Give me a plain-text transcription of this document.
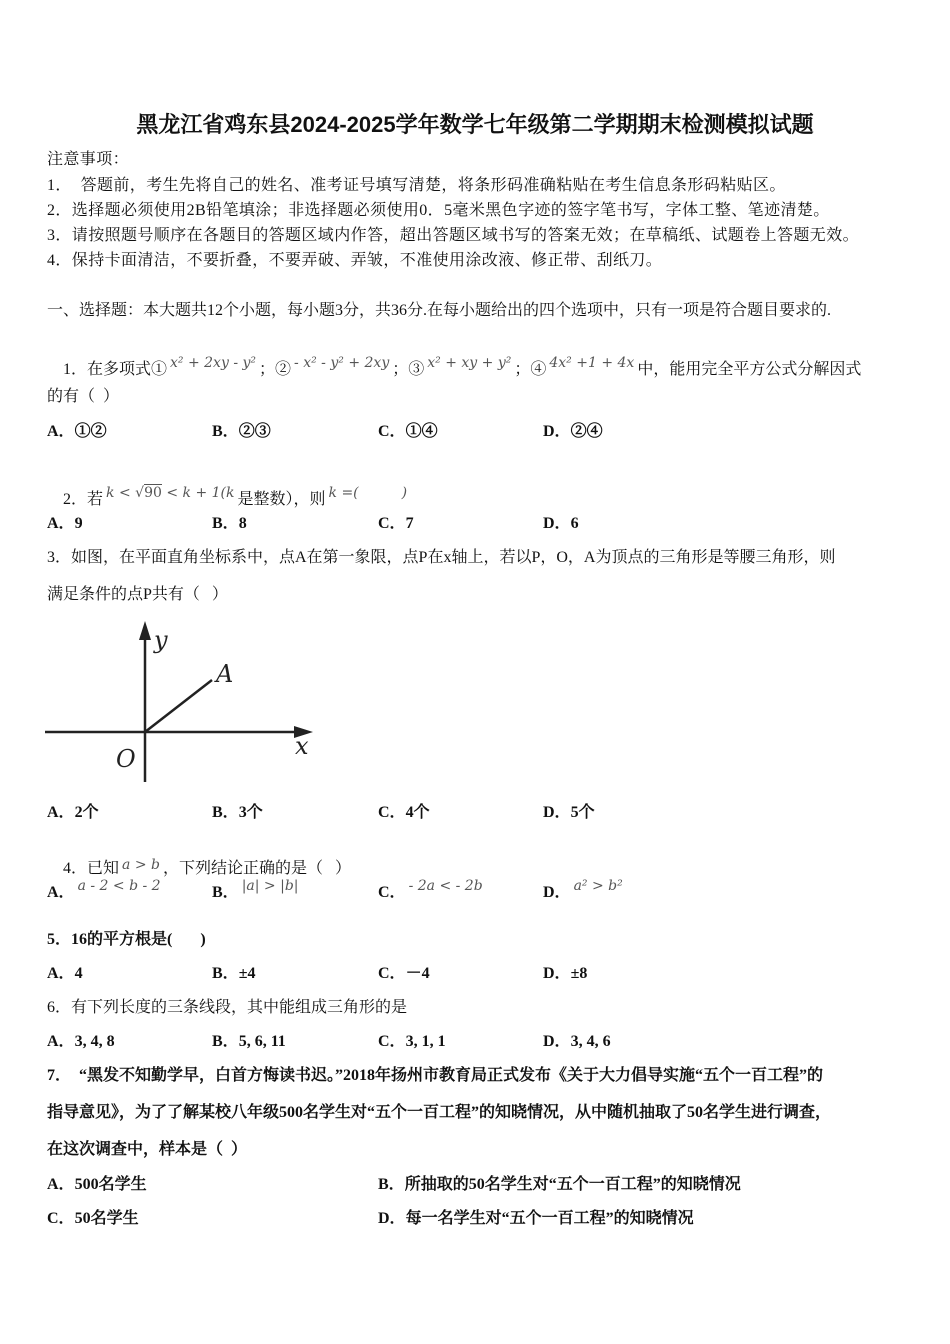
黑龙江省鸡东县2024-2025学年数学七年级第二学期期末检测模拟试题
注意事项：
1．  答题前，考生先将自己的姓名、准考证号填写清楚，将条形码准确粘贴在考生信息条形码粘贴区。
2．选择题必须使用2B铅笔填涂；非选择题必须使用0．5毫米黑色字迹的签字笔书写，字体工整、笔迹清楚。
3．请按照题号顺序在各题目的答题区域内作答，超出答题区域书写的答案无效；在草稿纸、试题卷上答题无效。
4．保持卡面清洁，不要折叠，不要弄破、弄皱，不准使用涂改液、修正带、刮纸刀。
一、选择题：本大题共12个小题，每小题3分，共36分.在每小题给出的四个选项中，只有一项是符合题目要求的.

1．在多项式① x² + 2xy - y² ；② - x² - y² + 2xy ；③ x² + xy + y² ；④ 4x² +1 + 4x 中，能用完全平方公式分解因式

的有（  ）
A．①②	B．②③	C．①④	D．②④

2．若 k < √90 < k + 1(k 是整数），则 k =(	)

A．9	B．8	C．7	D．6
3．如图，在平面直角坐标系中，点A在第一象限，点P在x轴上，若以P，O，A为顶点的三角形是等腰三角形，则
满足条件的点P共有（   ）
y
A
O	x
A．2个	B．3个	C．4个	D．5个

4．已知 a > b ，下列结论正确的是（   ）

A． a - 2 < b - 2	B． |a| > |b|	C． - 2a < - 2b	D． a² > b²
5．16的平方根是(       )
A．4	B．±4	C．－4	D．±8
6．有下列长度的三条线段，其中能组成三角形的是
A．3, 4, 8	B．5, 6, 11	C．3, 1, 1	D．3, 4, 6
7．  “黑发不知勤学早，白首方悔读书迟。”2018年扬州市教育局正式发布《关于大力倡导实施“五个一百工程”的
指导意见》，为了了解某校八年级500名学生对“五个一百工程”的知晓情况，从中随机抽取了50名学生进行调查，
在这次调查中，样本是（  ）
A．500名学生	B．所抽取的50名学生对“五个一百工程”的知晓情况
C．50名学生	D．每一名学生对“五个一百工程”的知晓情况
